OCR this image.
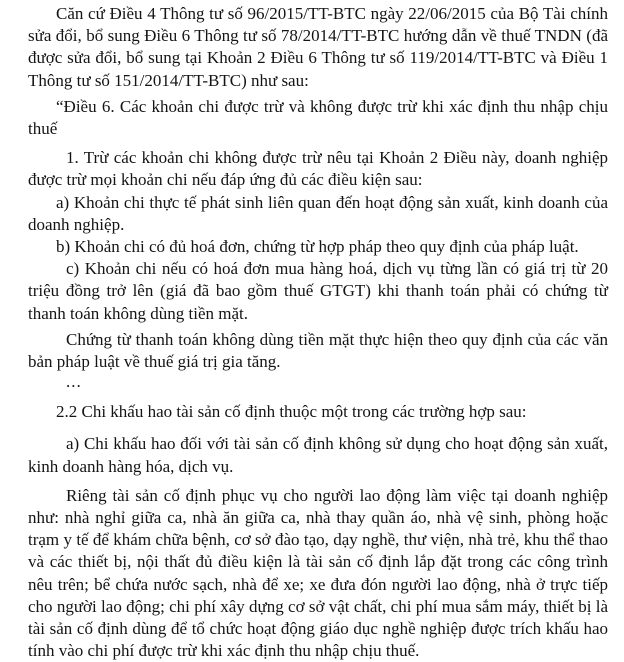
Căn cứ Điều 4 Thông tư số 96/2015/TT-BTC ngày 22/06/2015 của Bộ Tài chính sửa đổi, bổ sung Điều 6 Thông tư số 78/2014/TT-BTC hướng dẫn về thuế TNDN (đã được sửa đổi, bổ sung tại Khoản 2 Điều 6 Thông tư số 119/2014/TT-BTC và Điều 1 Thông tư số 151/2014/TT-BTC) như sau:

“Điều 6. Các khoản chi được trừ và không được trừ khi xác định thu nhập chịu thuế

1. Trừ các khoản chi không được trừ nêu tại Khoản 2 Điều này, doanh nghiệp được trừ mọi khoản chi nếu đáp ứng đủ các điều kiện sau:

a) Khoản chi thực tế phát sinh liên quan đến hoạt động sản xuất, kinh doanh của doanh nghiệp.

b) Khoản chi có đủ hoá đơn, chứng từ hợp pháp theo quy định của pháp luật.

c) Khoản chi nếu có hoá đơn mua hàng hoá, dịch vụ từng lần có giá trị từ 20 triệu đồng trở lên (giá đã bao gồm thuế GTGT) khi thanh toán phải có chứng từ thanh toán không dùng tiền mặt.

Chứng từ thanh toán không dùng tiền mặt thực hiện theo quy định của các văn bản pháp luật về thuế giá trị gia tăng.

...

2.2 Chi khấu hao tài sản cố định thuộc một trong các trường hợp sau:

a) Chi khấu hao đối với tài sản cố định không sử dụng cho hoạt động sản xuất, kinh doanh hàng hóa, dịch vụ.

Riêng tài sản cố định phục vụ cho người lao động làm việc tại doanh nghiệp như: nhà nghỉ giữa ca, nhà ăn giữa ca, nhà thay quần áo, nhà vệ sinh, phòng hoặc trạm y tế để khám chữa bệnh, cơ sở đào tạo, dạy nghề, thư viện, nhà trẻ, khu thể thao và các thiết bị, nội thất đủ điều kiện là tài sản cố định lắp đặt trong các công trình nêu trên; bể chứa nước sạch, nhà để xe; xe đưa đón người lao động, nhà ở trực tiếp cho người lao động; chi phí xây dựng cơ sở vật chất, chi phí mua sắm máy, thiết bị là tài sản cố định dùng để tổ chức hoạt động giáo dục nghề nghiệp được trích khấu hao tính vào chi phí được trừ khi xác định thu nhập chịu thuế.
